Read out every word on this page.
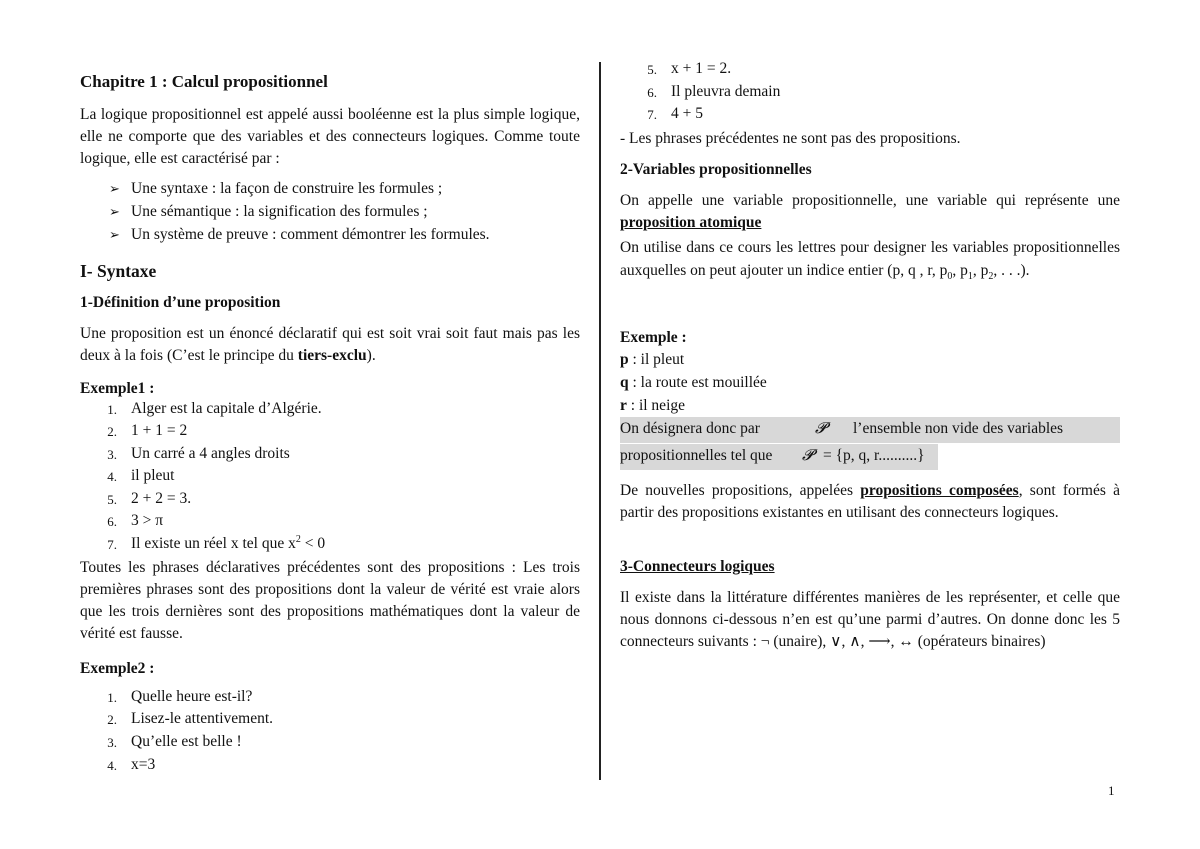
Chapitre 1 : Calcul propositionnel
La logique propositionnel est appelé aussi booléenne est la plus simple logique, elle ne comporte que des variables et des connecteurs logiques. Comme toute logique, elle est caractérisé par :
➢ Une syntaxe : la façon de construire les formules ;
➢ Une sémantique : la signification des formules ;
➢ Un système de preuve : comment démontrer les formules.
I- Syntaxe
1-Définition d’une proposition
Une proposition est un énoncé déclaratif qui est soit vrai soit faut mais pas les deux à la fois (C’est le principe du tiers-exclu).
Exemple1 :
1. Alger est la capitale d’Algérie.
2. 1 + 1 = 2
3. Un carré a 4 angles droits
4. il pleut
5. 2 + 2 = 3.
6. 3 > π
7. Il existe un réel x tel que $x^2 < 0$
Toutes les phrases déclaratives précédentes sont des propositions : Les trois premières phrases sont des propositions dont la valeur de vérité est vraie alors que les trois dernières sont des propositions mathématiques dont la valeur de vérité est fausse.
Exemple2 :
1. Quelle heure est-il?
2. Lisez-le attentivement.
3. Qu’elle est belle !
4. x=3
5. x + 1 = 2.
6. Il pleuvra demain
7. 4 + 5
- Les phrases précédentes ne sont pas des propositions.
2-Variables propositionnelles
On appelle une variable propositionnelle, une variable qui représente une proposition atomique
On utilise dans ce cours les lettres pour designer les variables propositionnelles auxquelles on peut ajouter un indice entier (p, q , r, $p_0$, $p_1$, $p_2$, . . .).
Exemple :
p : il pleut
q : la route est mouillée
r : il neige
On désignera donc par	𝓟 l’ensemble non vide des variables
propositionnelles tel que 𝓟 = {p, q, r..........}
De nouvelles propositions, appelées propositions composées, sont formés à partir des propositions existantes en utilisant des connecteurs logiques.
3-Connecteurs logiques
Il existe dans la littérature différentes manières de les représenter, et celle que nous donnons ci-dessous n’en est qu’une parmi d’autres. On donne donc les 5 connecteurs suivants : ¬ (unaire), ∨, ∧, ⟶, ↔ (opérateurs binaires)
1
